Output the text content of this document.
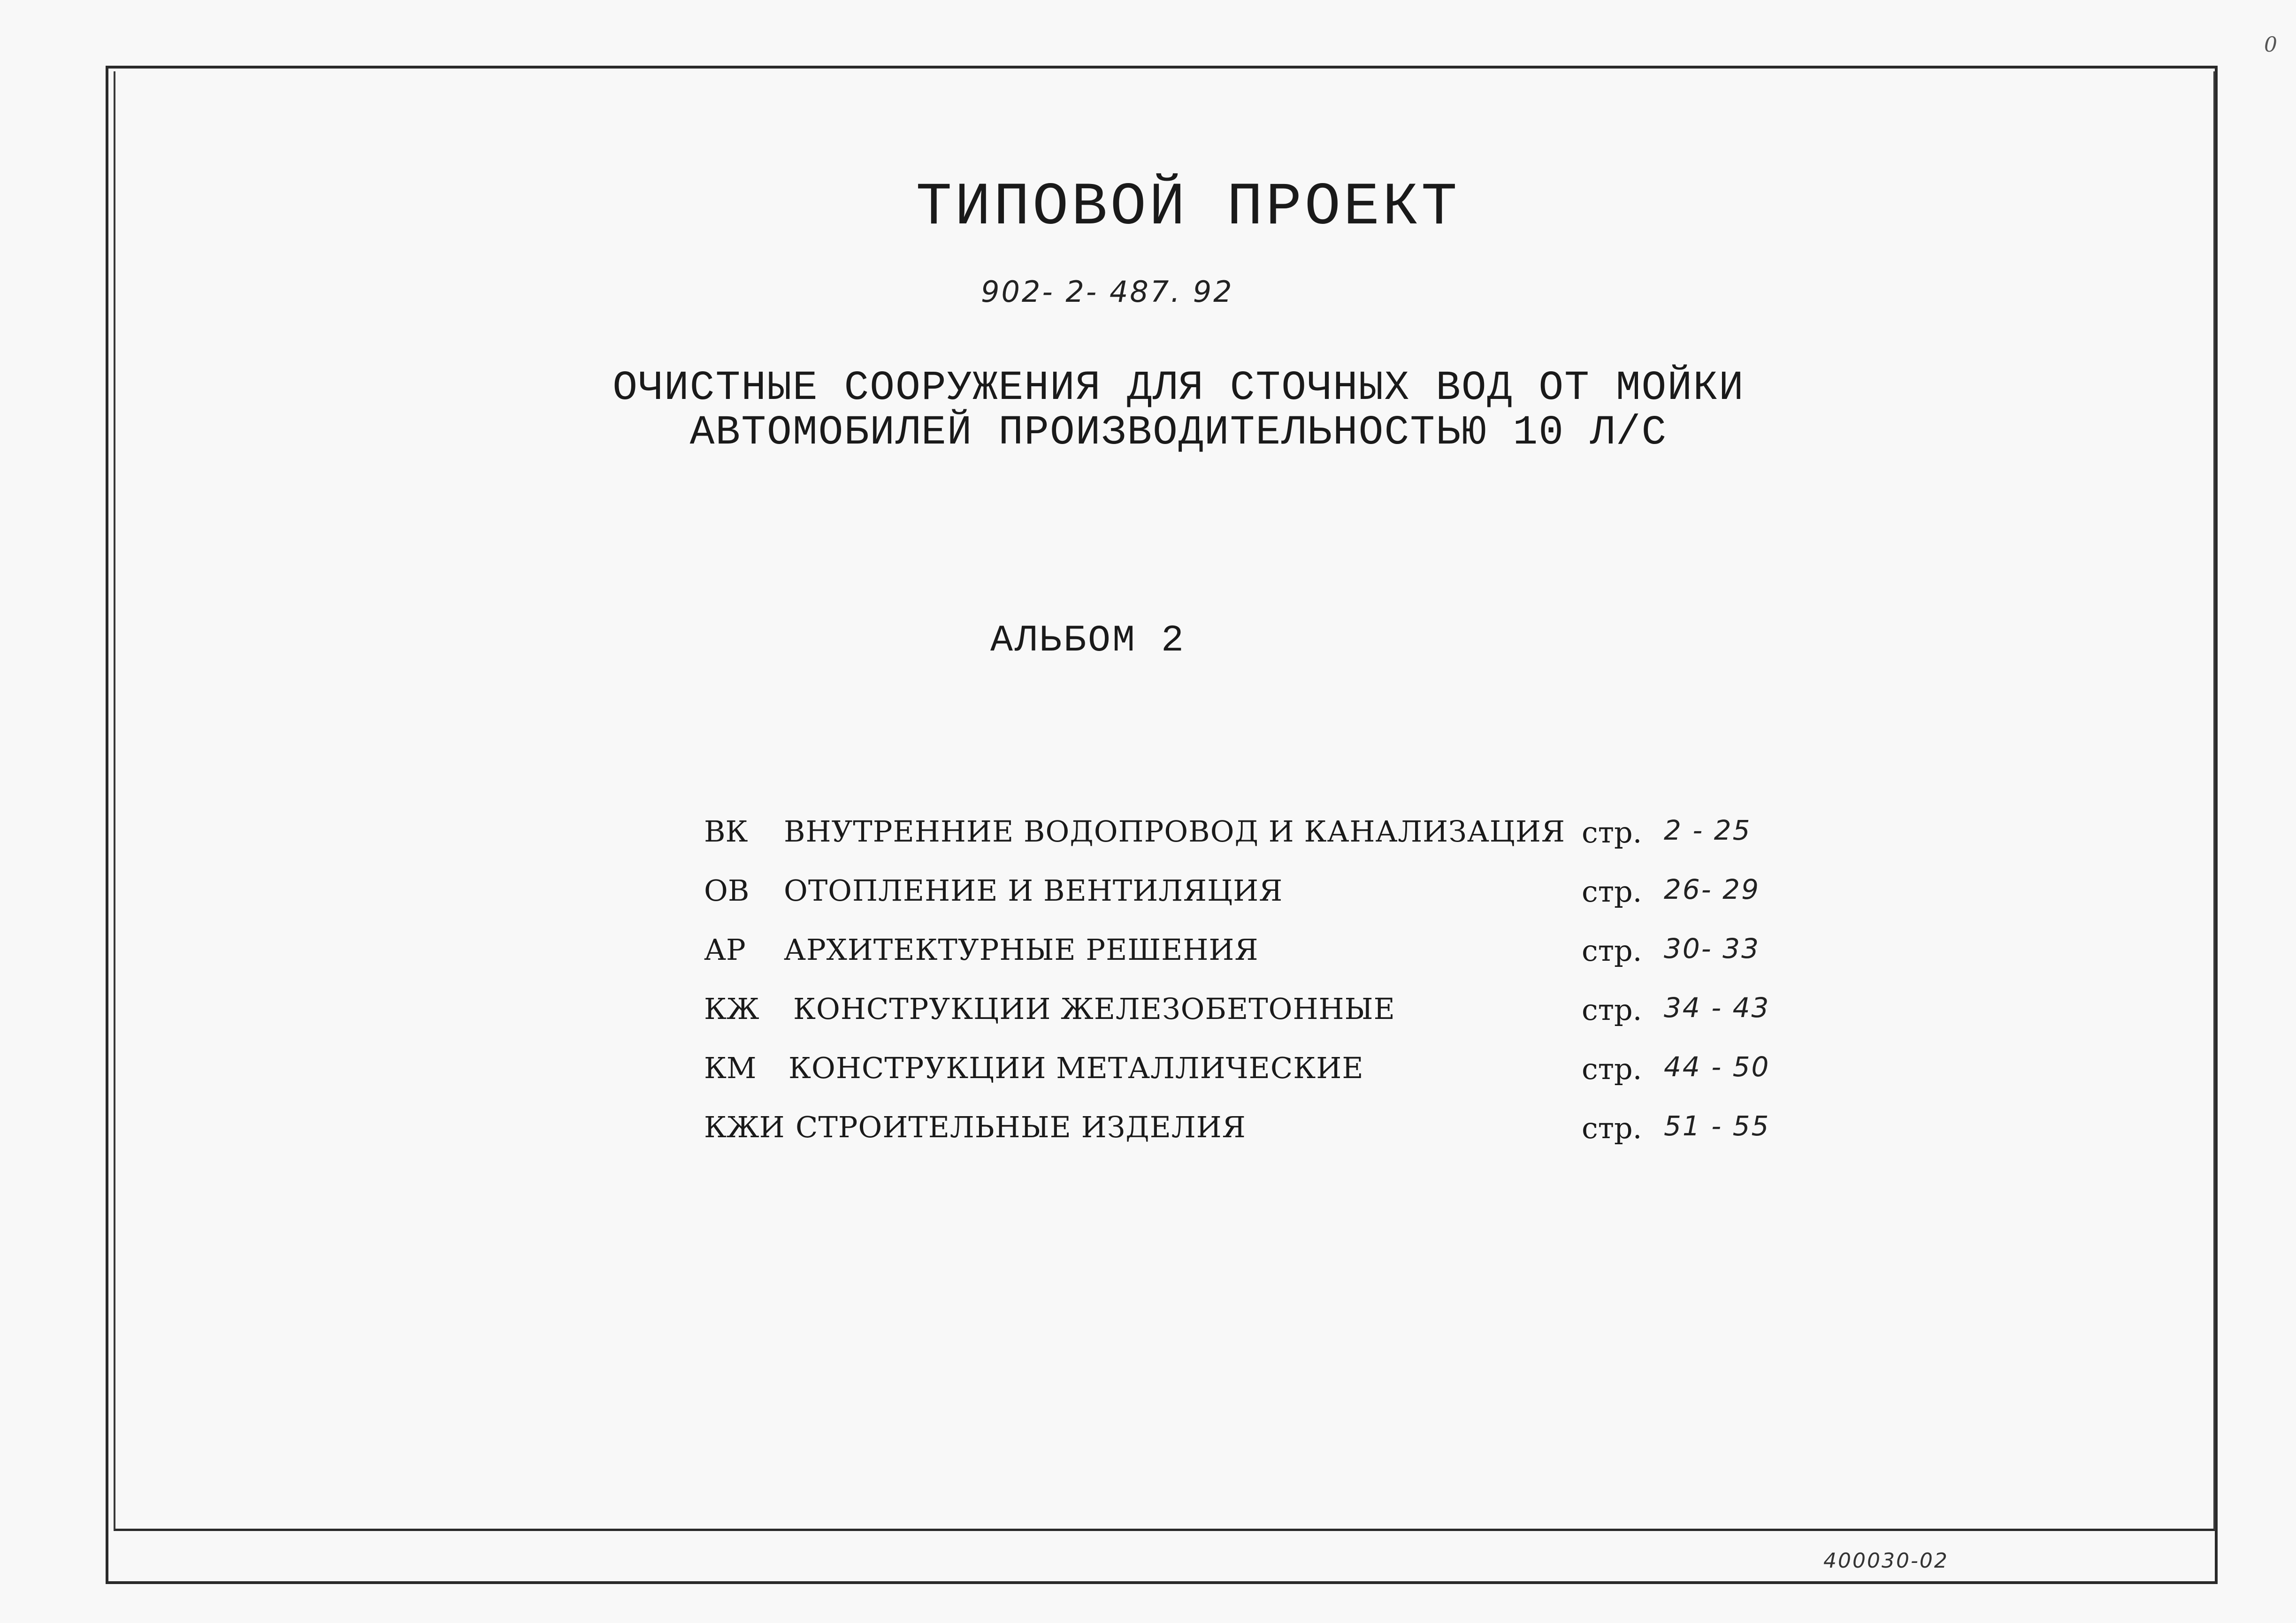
0
ТИПОВОЙ ПРОЕКТ
902- 2- 487. 92
ОЧИСТНЫЕ СООРУЖЕНИЯ ДЛЯ СТОЧНЫХ ВОД ОТ МОЙКИ
АВТОМОБИЛЕЙ ПРОИЗВОДИТЕЛЬНОСТЬЮ 10 Л/С
АЛЬБОМ 2
ВК ВНУТРЕННИЕ ВОДОПРОВОД И КАНАЛИЗАЦИЯ стр. 2 - 25
ОВ ОТОПЛЕНИЕ И ВЕНТИЛЯЦИЯ	стр. 26- 29
АР АРХИТЕКТУРНЫЕ РЕШЕНИЯ	стр. 30- 33
КЖ КОНСТРУКЦИИ ЖЕЛЕЗОБЕТОННЫЕ	стр. 34 - 43
КМ КОНСТРУКЦИИ МЕТАЛЛИЧЕСКИЕ	стр. 44 - 50
КЖИ СТРОИТЕЛЬНЫЕ ИЗДЕЛИЯ	стр. 51 - 55
400030-02
